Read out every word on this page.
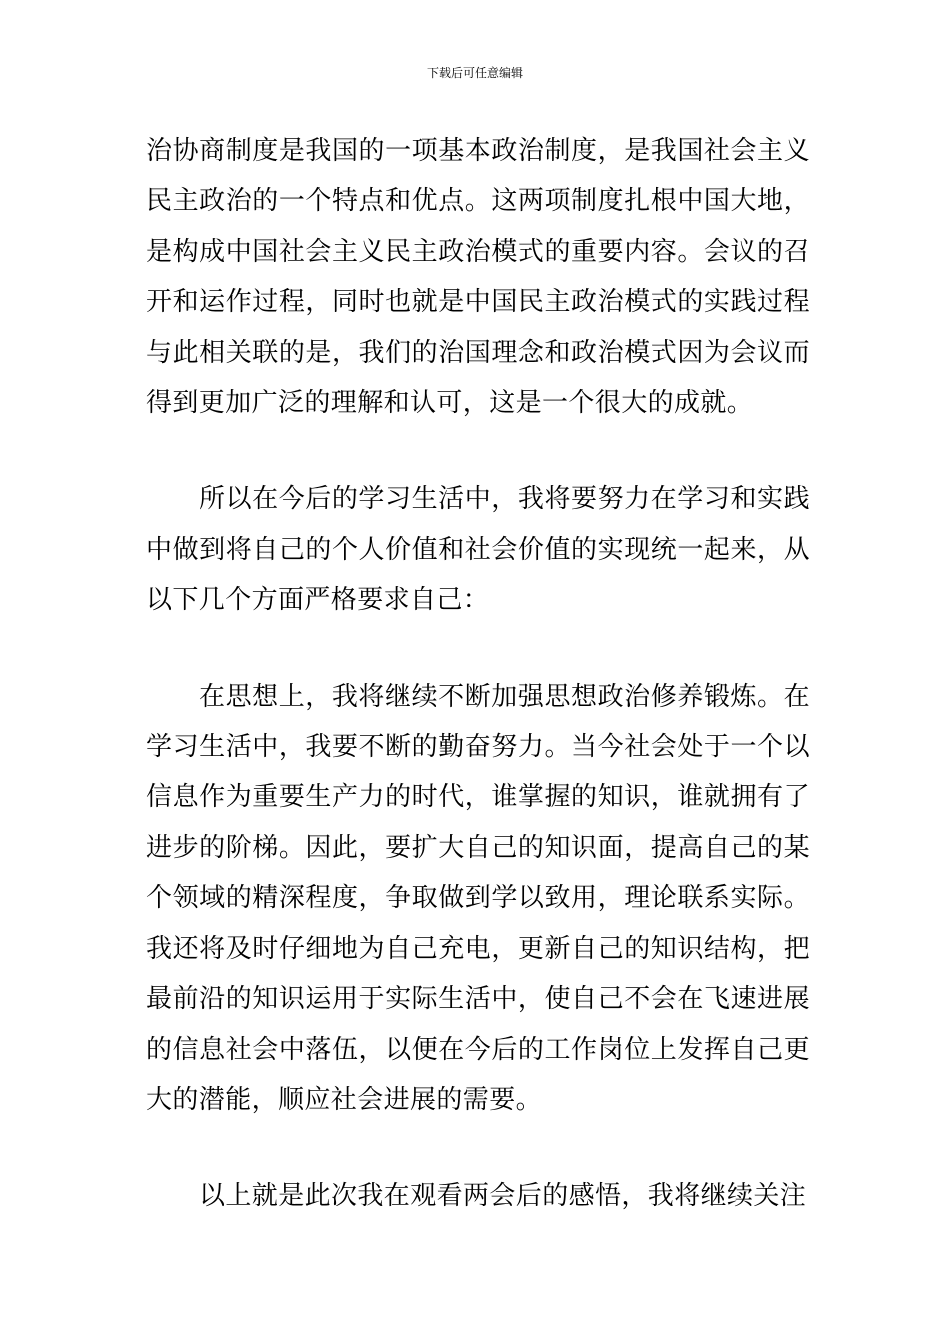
下载后可任意编辑

治协商制度是我国的一项基本政治制度，是我国社会主义民主政治的一个特点和优点。这两项制度扎根中国大地，是构成中国社会主义民主政治模式的重要内容。会议的召开和运作过程，同时也就是中国民主政治模式的实践过程与此相关联的是，我们的治国理念和政治模式因为会议而得到更加广泛的理解和认可，这是一个很大的成就。

所以在今后的学习生活中，我将要努力在学习和实践中做到将自己的个人价值和社会价值的实现统一起来，从以下几个方面严格要求自己：

在思想上，我将继续不断加强思想政治修养锻炼。在学习生活中，我要不断的勤奋努力。当今社会处于一个以信息作为重要生产力的时代，谁掌握的知识，谁就拥有了进步的阶梯。因此，要扩大自己的知识面，提高自己的某个领域的精深程度，争取做到学以致用，理论联系实际。我还将及时仔细地为自己充电，更新自己的知识结构，把最前沿的知识运用于实际生活中，使自己不会在飞速进展的信息社会中落伍，以便在今后的工作岗位上发挥自己更大的潜能，顺应社会进展的需要。

以上就是此次我在观看两会后的感悟，我将继续关注
